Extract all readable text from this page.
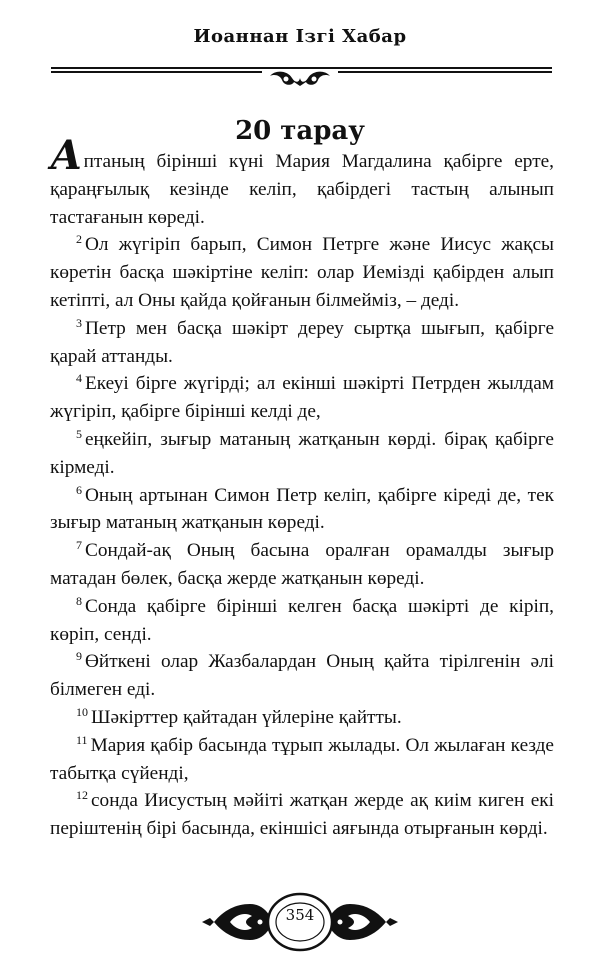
Иоаннан Ізгі Хабар
20 тарау

Аптаның бірінші күні Мария Магдалина қабірге ерте, қараңғылық кезінде келіп, қабірдегі тастың алынып тастағанын көреді.

$^2$ Ол жүгіріп барып, Симон Петрге және Иисус жақсы көретін басқа шәкіртіне келіп: олар Иемізді қабірден алып кетіпті, ал Оны қайда қойғанын білмейміз, – деді.

$^3$ Петр мен басқа шәкірт дереу сыртқа шығып, қабірге қарай аттанды.

$^4$ Екеуі бірге жүгірді; ал екінші шәкірті Петрден жылдам жүгіріп, қабірге бірінші келді де,

$^5$ еңкейіп, зығыр матаның жатқанын көрді. бірақ қабірге кірмеді.

$^6$ Оның артынан Симон Петр келіп, қабірге кіреді де, тек зығыр матаның жатқанын көреді.

$^7$ Сондай-ақ Оның басына оралған орамалды зығыр матадан бөлек, басқа жерде жатқанын көреді.

$^8$ Сонда қабірге бірінші келген басқа шәкірті де кіріп, көріп, сенді.

$^9$ Өйткені олар Жазбалардан Оның қайта тірілгенін әлі білмеген еді.

$^{10}$ Шәкірттер қайтадан үйлеріне қайтты.

$^{11}$ Мария қабір басында тұрып жылады. Ол жылаған кезде табытқа сүйенді,

$^{12}$ сонда Иисустың мәйіті жатқан жерде ақ киім киген екі періштенің бірі басында, екіншісі аяғында отырғанын көрді.

354
